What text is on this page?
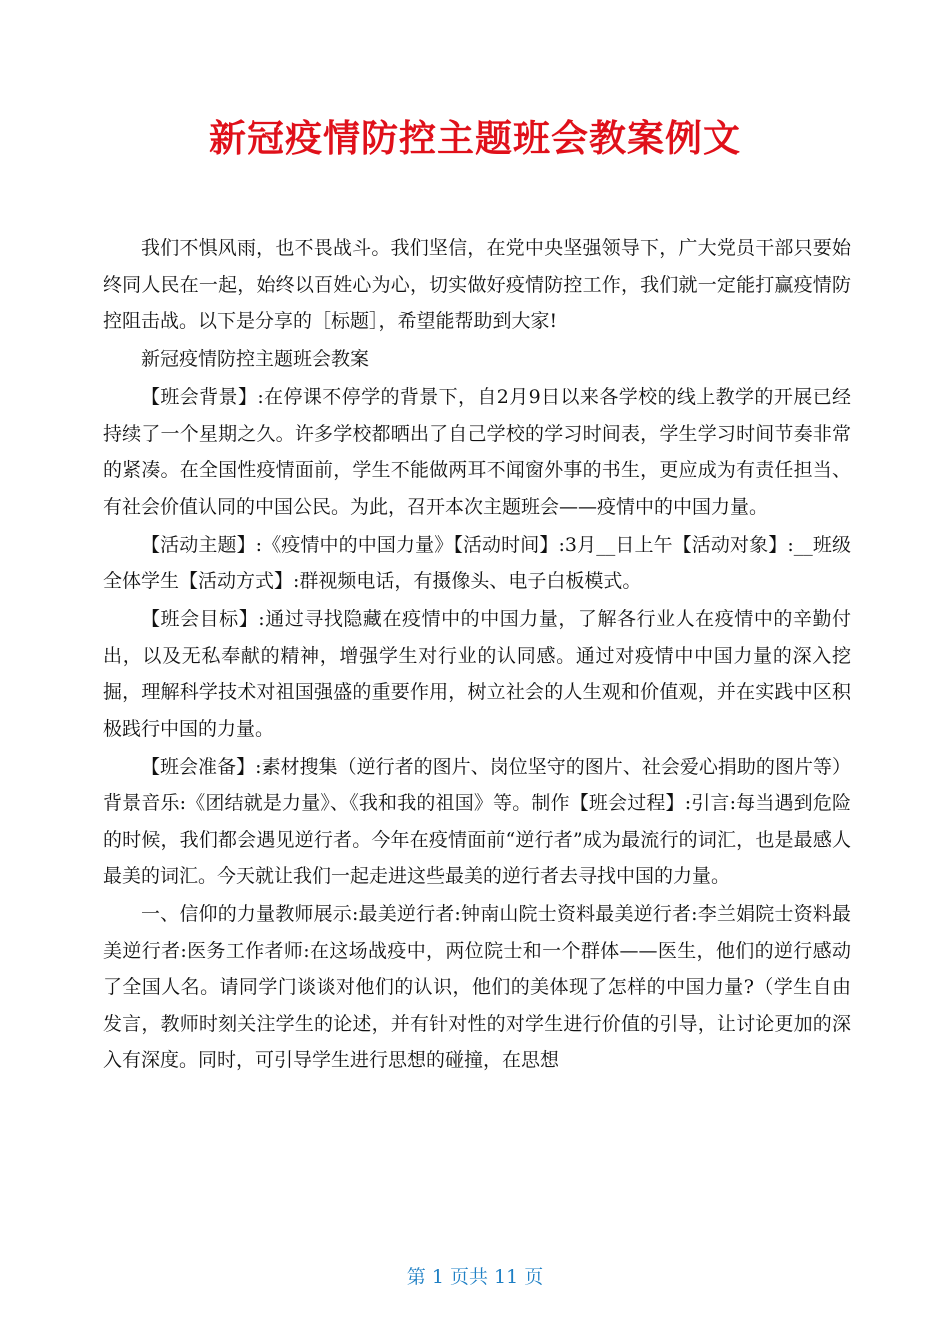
新冠疫情防控主题班会教案例文

我们不惧风雨，也不畏战斗。我们坚信，在党中央坚强领导下，广大党员干部只要始终同人民在一起，始终以百姓心为心，切实做好疫情防控工作，我们就一定能打赢疫情防控阻击战。以下是分享的［标题］，希望能帮助到大家!

新冠疫情防控主题班会教案

【班会背景】:在停课不停学的背景下，自2月9日以来各学校的线上教学的开展已经持续了一个星期之久。许多学校都晒出了自己学校的学习时间表，学生学习时间节奏非常的紧凑。在全国性疫情面前，学生不能做两耳不闻窗外事的书生，更应成为有责任担当、有社会价值认同的中国公民。为此，召开本次主题班会——疫情中的中国力量。

【活动主题】:《疫情中的中国力量》【活动时间】:3月__日上午【活动对象】:__班级全体学生【活动方式】:群视频电话，有摄像头、电子白板模式。

【班会目标】:通过寻找隐藏在疫情中的中国力量，了解各行业人在疫情中的辛勤付出，以及无私奉献的精神，增强学生对行业的认同感。通过对疫情中中国力量的深入挖掘，理解科学技术对祖国强盛的重要作用，树立社会的人生观和价值观，并在实践中区积极践行中国的力量。

【班会准备】:素材搜集（逆行者的图片、岗位坚守的图片、社会爱心捐助的图片等）背景音乐:《团结就是力量》、《我和我的祖国》等。制作【班会过程】:引言:每当遇到危险的时候，我们都会遇见逆行者。今年在疫情面前“逆行者”成为最流行的词汇，也是最感人最美的词汇。今天就让我们一起走进这些最美的逆行者去寻找中国的力量。

一、信仰的力量教师展示:最美逆行者:钟南山院士资料最美逆行者:李兰娟院士资料最美逆行者:医务工作者师:在这场战疫中，两位院士和一个群体——医生，他们的逆行感动了全国人名。请同学门谈谈对他们的认识，他们的美体现了怎样的中国力量?（学生自由发言，教师时刻关注学生的论述，并有针对性的对学生进行价值的引导，让讨论更加的深入有深度。同时，可引导学生进行思想的碰撞，在思想

第 1 页共 11 页
